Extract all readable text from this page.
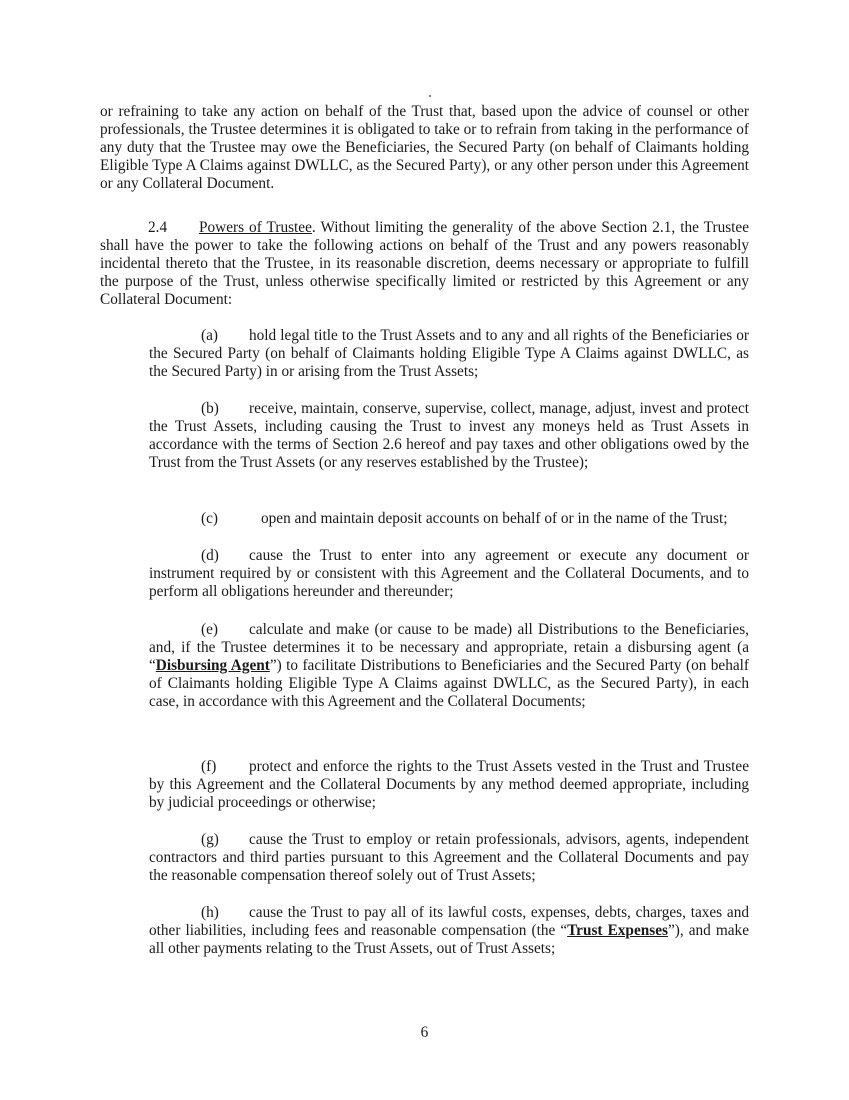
or refraining to take any action on behalf of the Trust that, based upon the advice of counsel or other professionals, the Trustee determines it is obligated to take or to refrain from taking in the performance of any duty that the Trustee may owe the Beneficiaries, the Secured Party (on behalf of Claimants holding Eligible Type A Claims against DWLLC, as the Secured Party), or any other person under this Agreement or any Collateral Document.

2.4 Powers of Trustee. Without limiting the generality of the above Section 2.1, the Trustee shall have the power to take the following actions on behalf of the Trust and any powers reasonably incidental thereto that the Trustee, in its reasonable discretion, deems necessary or appropriate to fulfill the purpose of the Trust, unless otherwise specifically limited or restricted by this Agreement or any Collateral Document:

(a) hold legal title to the Trust Assets and to any and all rights of the Beneficiaries or the Secured Party (on behalf of Claimants holding Eligible Type A Claims against DWLLC, as the Secured Party) in or arising from the Trust Assets;

(b) receive, maintain, conserve, supervise, collect, manage, adjust, invest and protect the Trust Assets, including causing the Trust to invest any moneys held as Trust Assets in accordance with the terms of Section 2.6 hereof and pay taxes and other obligations owed by the Trust from the Trust Assets (or any reserves established by the Trustee);

(c)	open and maintain deposit accounts on behalf of or in the name of the Trust;

(d) cause the Trust to enter into any agreement or execute any document or instrument required by or consistent with this Agreement and the Collateral Documents, and to perform all obligations hereunder and thereunder;

(e) calculate and make (or cause to be made) all Distributions to the Beneficiaries, and, if the Trustee determines it to be necessary and appropriate, retain a disbursing agent (a “Disbursing Agent”) to facilitate Distributions to Beneficiaries and the Secured Party (on behalf of Claimants holding Eligible Type A Claims against DWLLC, as the Secured Party), in each case, in accordance with this Agreement and the Collateral Documents;

(f) protect and enforce the rights to the Trust Assets vested in the Trust and Trustee by this Agreement and the Collateral Documents by any method deemed appropriate, including by judicial proceedings or otherwise;

(g) cause the Trust to employ or retain professionals, advisors, agents, independent contractors and third parties pursuant to this Agreement and the Collateral Documents and pay the reasonable compensation thereof solely out of Trust Assets;

(h) cause the Trust to pay all of its lawful costs, expenses, debts, charges, taxes and other liabilities, including fees and reasonable compensation (the “Trust Expenses”), and make all other payments relating to the Trust Assets, out of Trust Assets;

6
